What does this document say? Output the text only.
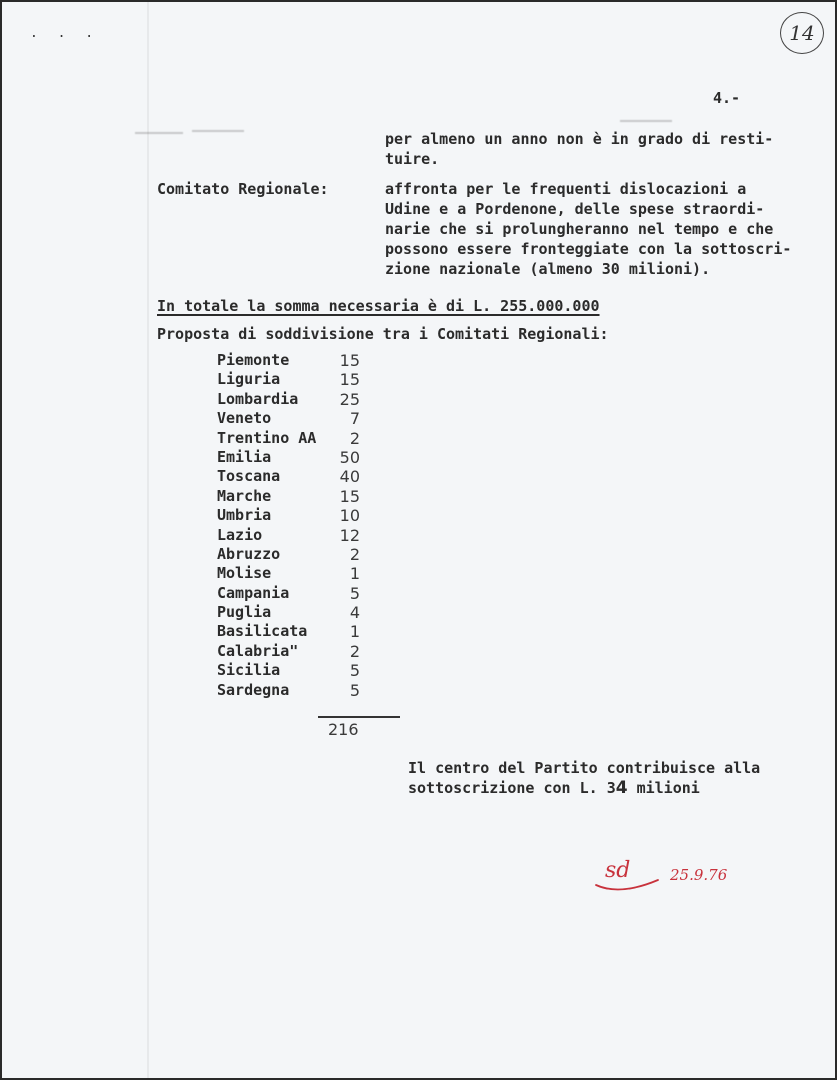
. . .	14
4.-
per almeno un anno non è in grado di resti-
tuire.
Comitato Regionale:	affronta per le frequenti dislocazioni a
Udine e a Pordenone, delle spese straordi-
narie che si prolungheranno nel tempo e che
possono essere fronteggiate con la sottoscri-
zione nazionale (almeno 30 milioni).
In totale la somma necessaria è di L. 255.000.000
Proposta di soddivisione tra i Comitati Regionali:
Piemonte	15
Liguria	15
Lombardia	25
Veneto	7
Trentino AA 2
Emilia	50
Toscana	40
Marche	15
Umbria	10
Lazio	12
Abruzzo	2
Molise	1
Campania	5
Puglia	4
Basilicata	1
Calabria"	2
Sicilia	5
Sardegna	5
216
Il centro del Partito contribuisce alla
sottoscrizione con L. 34 milioni
sd	25.9.76
